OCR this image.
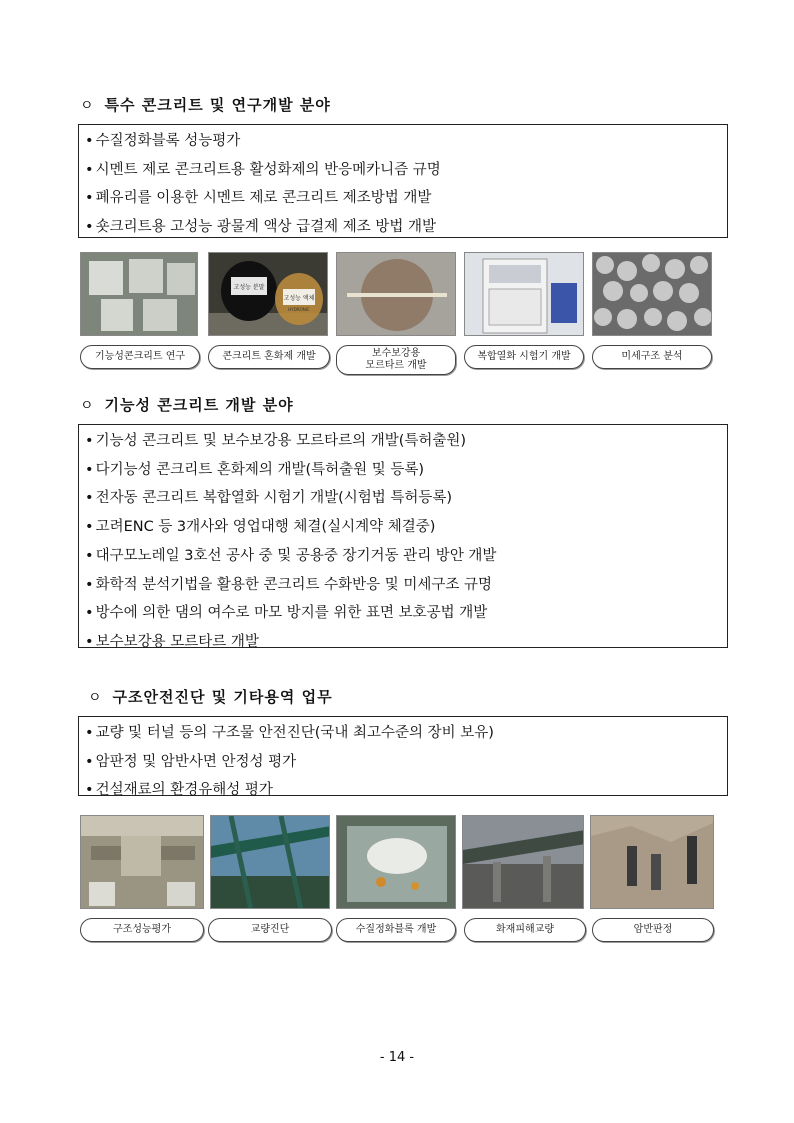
ㅇ 특수 콘크리트 및 연구개발 분야
• 수질정화블록 성능평가
• 시멘트 제로 콘크리트용 활성화제의 반응메카니즘 규명
• 폐유리를 이용한 시멘트 제로 콘크리트 제조방법 개발
• 숏크리트용 고성능 광물계 액상 급결제 제조 방법 개발
고성능 분말
고성능 액체
HYDRONIC
기능성콘크리트 연구	콘크리트 혼화제 개발	보수보강용
모르타르 개발
복합열화 시험기 개발	미세구조 분석
ㅇ 기능성 콘크리트 개발 분야
• 기능성 콘크리트 및 보수보강용 모르타르의 개발(특허출원)
• 다기능성 콘크리트 혼화제의 개발(특허출원 및 등록)
• 전자동 콘크리트 복합열화 시험기 개발(시험법 특허등록)
• 고려ENC 등 3개사와 영업대행 체결(실시계약 체결중)
• 대구모노레일 3호선 공사 중 및 공용중 장기거동 관리 방안 개발
• 화학적 분석기법을 활용한 콘크리트 수화반응 및 미세구조 규명
• 방수에 의한 댐의 여수로 마모 방지를 위한 표면 보호공법 개발
• 보수보강용 모르타르 개발
ㅇ 구조안전진단 및 기타용역 업무
• 교량 및 터널 등의 구조물 안전진단(국내 최고수준의 장비 보유)
• 암판정 및 암반사면 안정성 평가
• 건설재료의 환경유해성 평가
구조성능평가	교량진단	수질정화블록 개발	화재피해교량	암반판정
- 14 -
